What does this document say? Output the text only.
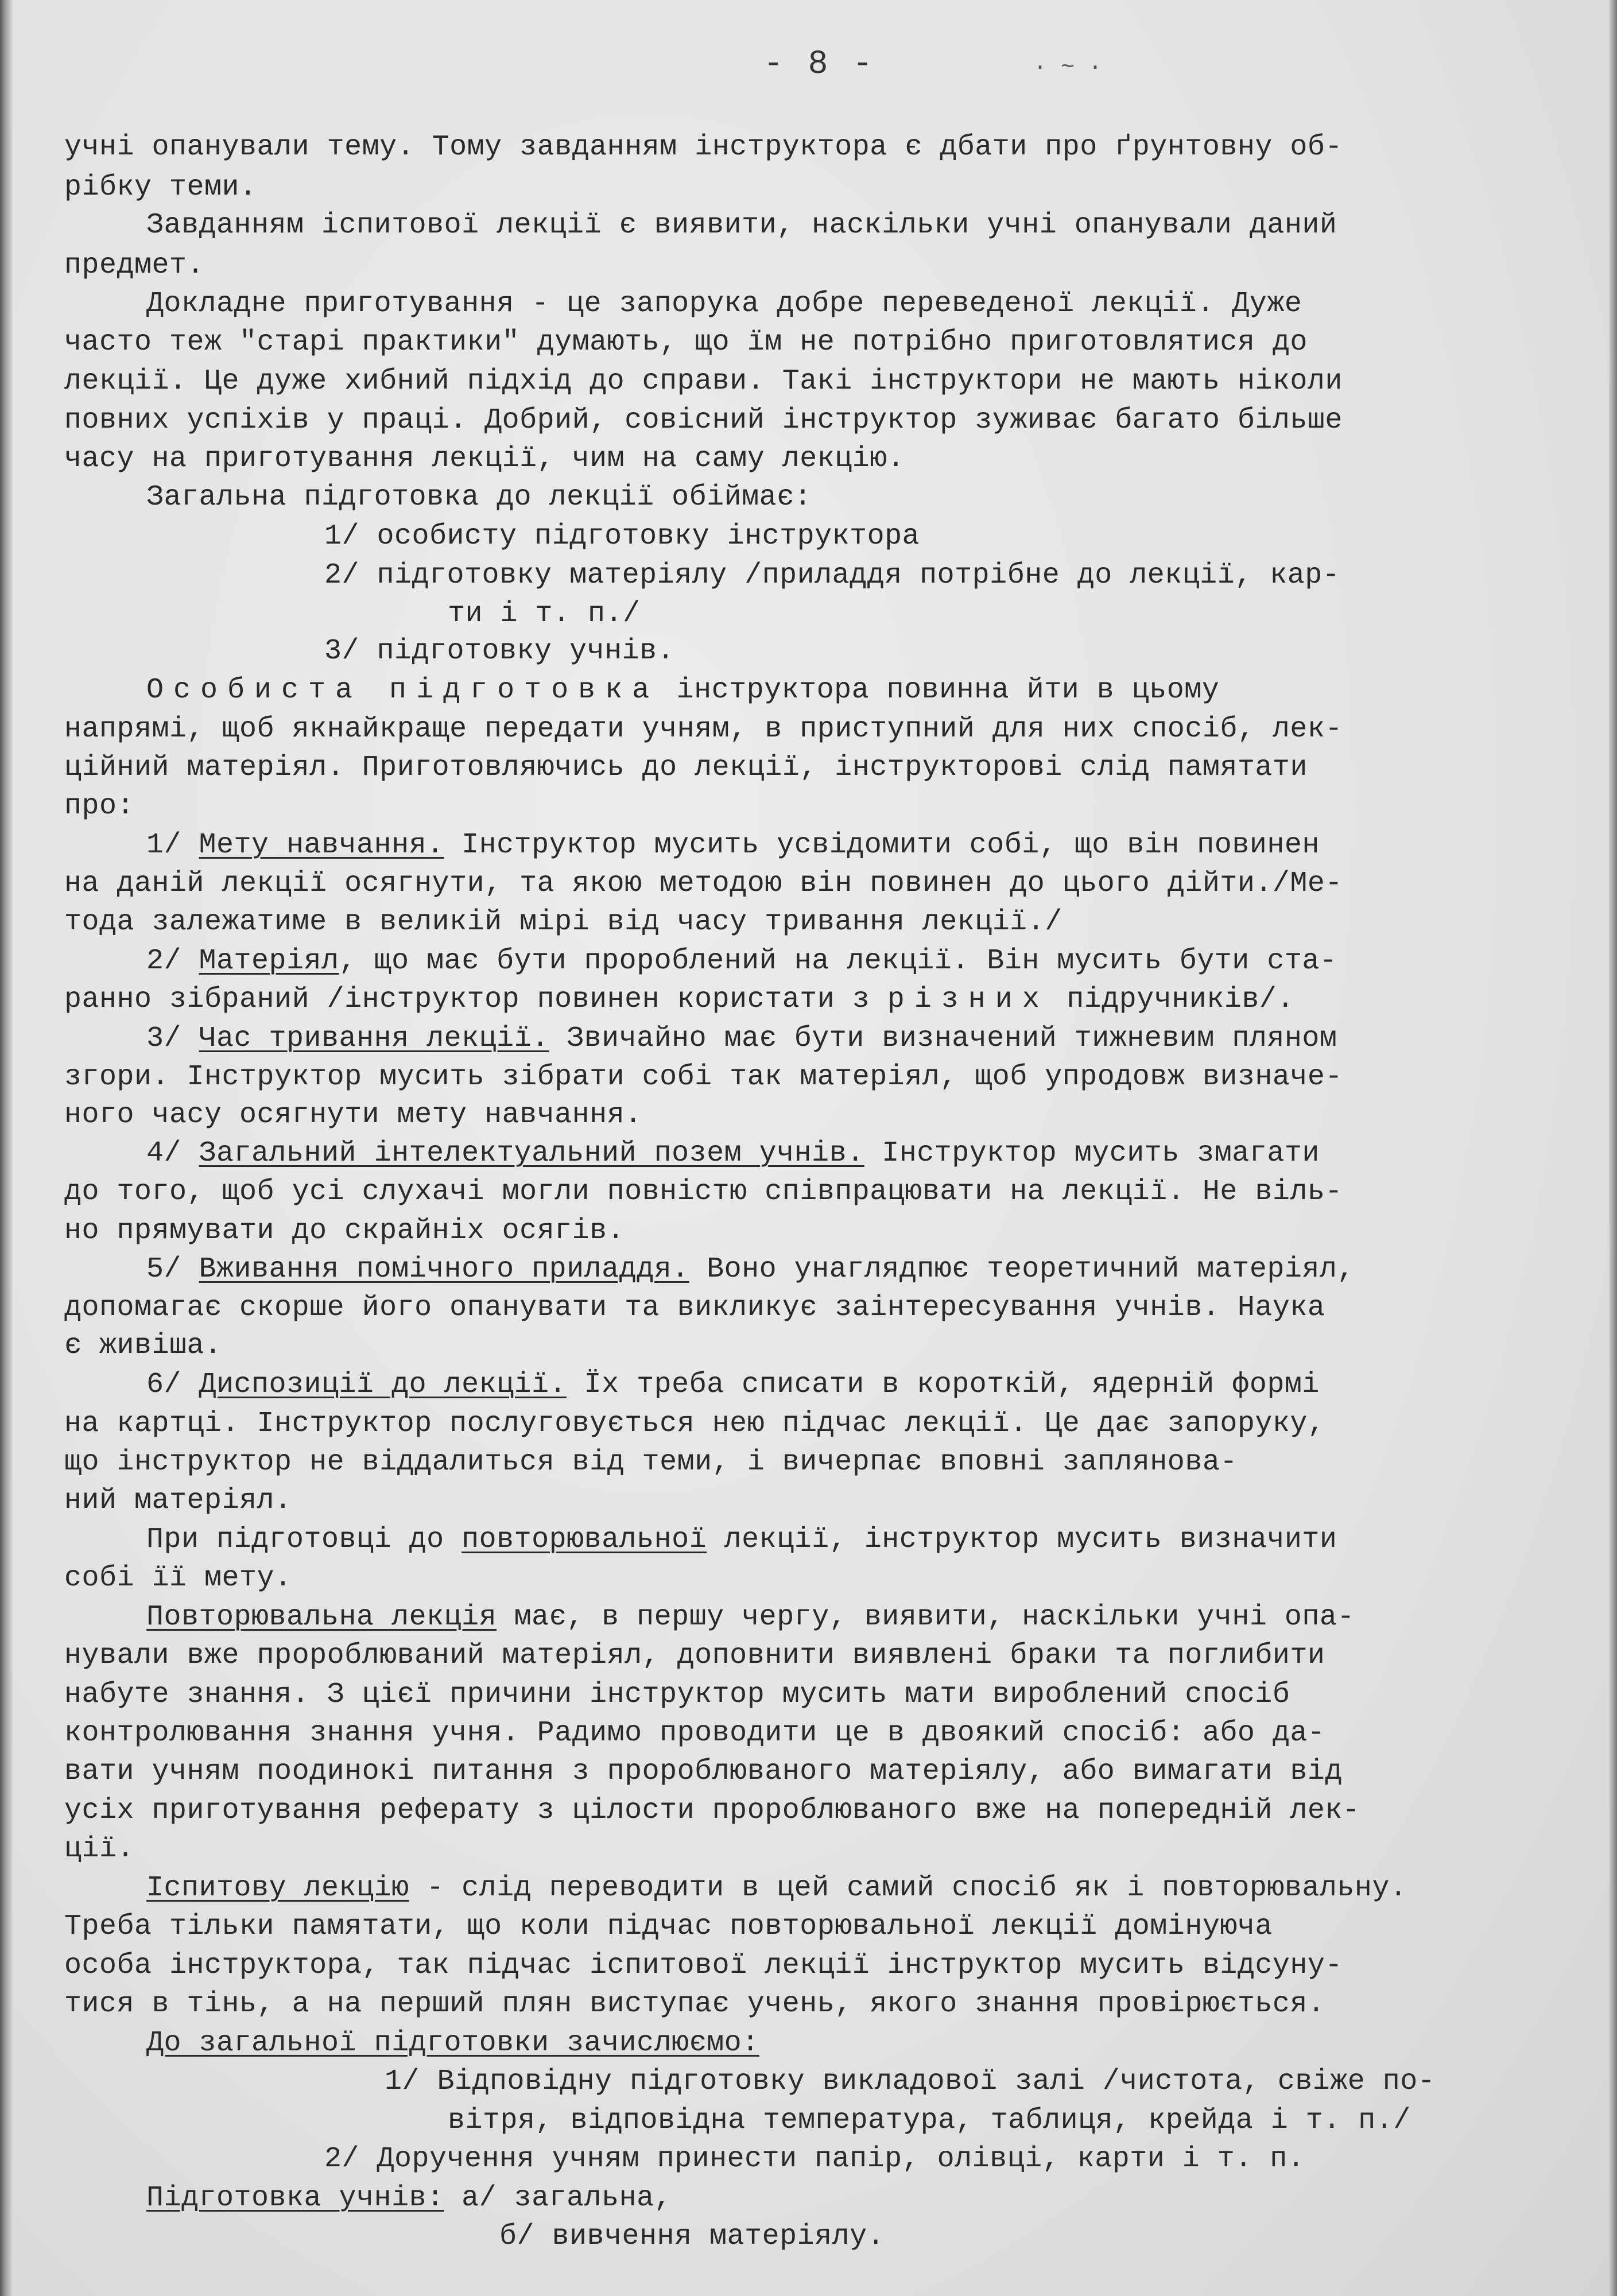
- 8 -	· ~ ·
учні опанували тему. Тому завданням інструктора є дбати про ґрунтовну об-
рібку теми.
Завданням іспитової лекції є виявити, наскільки учні опанували даний
предмет.
Докладне приготування - це запорука добре переведеної лекції. Дуже
часто теж "старі практики" думають, що їм не потрібно приготовлятися до
лекції. Це дуже хибний підхід до справи. Такі інструктори не мають ніколи
повних успіхів у праці. Добрий, совісний інструктор зуживає багато більше
часу на приготування лекції, чим на саму лекцію.
Загальна підготовка до лекції обіймає:
1/ особисту підготовку інструктора
2/ підготовку матеріялу /приладдя потрібне до лекції, кар-
ти і т. п./
3/ підготовку учнів.
Особиста підготовка інструктора повинна йти в цьому
напрямі, щоб якнайкраще передати учням, в приступний для них спосіб, лек-
ційний матеріял. Приготовляючись до лекції, інструкторові слід памятати
про:
1/ Мету навчання. Інструктор мусить усвідомити собі, що він повинен
на даній лекції осягнути, та якою методою він повинен до цього дійти./Ме-
тода залежатиме в великій мірі від часу тривання лекції./
2/ Матеріял, що має бути пророблений на лекції. Він мусить бути ста-
ранно зібраний /інструктор повинен користати з різних підручників/.
3/ Час тривання лекції. Звичайно має бути визначений тижневим пляном
згори. Інструктор мусить зібрати собі так матеріял, щоб упродовж визначе-
ного часу осягнути мету навчання.
4/ Загальний інтелектуальний позем учнів. Інструктор мусить змагати
до того, щоб усі слухачі могли повністю співпрацювати на лекції. Не віль-
но прямувати до скрайніх осягів.
5/ Вживання помічного приладдя. Воно унаглядпює теоретичний матеріял,
допомагає скорше його опанувати та викликує заінтересування учнів. Наука
є живіша.
6/ Диспозиції до лекції. Їх треба списати в короткій, ядерній формі
на картці. Інструктор послуговується нею підчас лекції. Це дає запоруку,
що інструктор не віддалиться від теми, і вичерпає вповні заплянова-
ний матеріял.
При підготовці до повторювальної лекції, інструктор мусить визначити
собі її мету.
Повторювальна лекція має, в першу чергу, виявити, наскільки учні опа-
нували вже пророблюваний матеріял, доповнити виявлені браки та поглибити
набуте знання. З цієї причини інструктор мусить мати вироблений спосіб
контролювання знання учня. Радимо проводити це в двоякий спосіб: або да-
вати учням поодинокі питання з пророблюваного матеріялу, або вимагати від
усіх приготування реферату з цілости пророблюваного вже на попередній лек-
ції.
Іспитову лекцію - слід переводити в цей самий спосіб як і повторювальну.
Треба тільки памятати, що коли підчас повторювальної лекції домінуюча
особа інструктора, так підчас іспитової лекції інструктор мусить відсуну-
тися в тінь, а на перший плян виступає учень, якого знання провірюється.
До загальної підготовки зачислюємо:
1/ Відповідну підготовку викладової залі /чистота, свіже по-
вітря, відповідна температура, таблиця, крейда і т. п./
2/ Доручення учням принести папір, олівці, карти і т. п.
Підготовка учнів: а/ загальна,
б/ вивчення матеріялу.
